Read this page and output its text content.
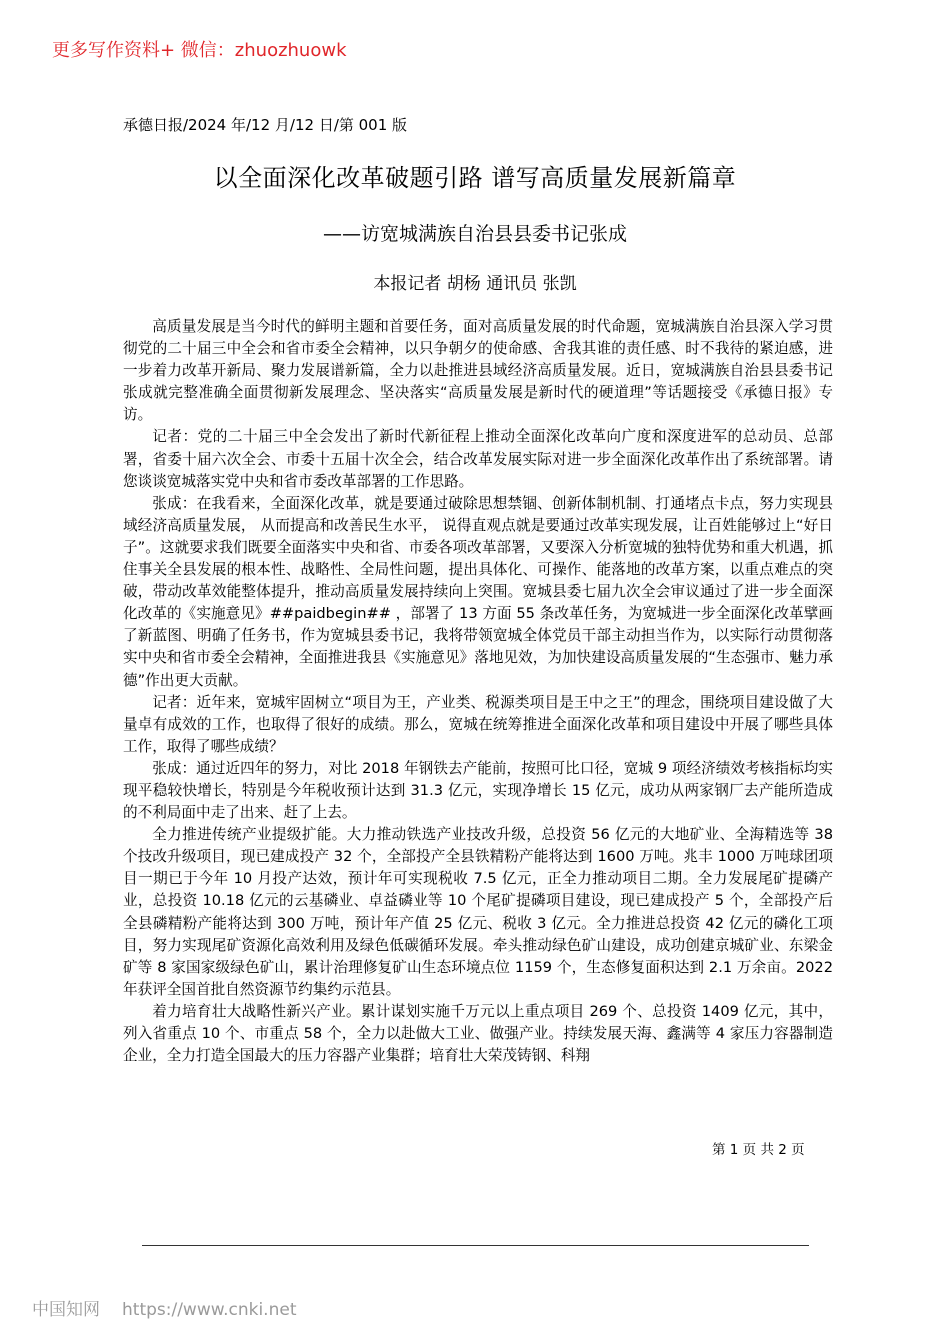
更多写作资料+ 微信：zhuozhuowk
承德日报/2024 年/12 月/12 日/第 001 版
以全面深化改革破题引路 谱写高质量发展新篇章
——访宽城满族自治县县委书记张成
本报记者 胡杨 通讯员 张凯

高质量发展是当今时代的鲜明主题和首要任务，面对高质量发展的时代命题，宽城满族自治县深入学习贯彻党的二十届三中全会和省市委全会精神，以只争朝夕的使命感、舍我其谁的责任感、时不我待的紧迫感，进一步着力改革开新局、聚力发展谱新篇，全力以赴推进县域经济高质量发展。近日，宽城满族自治县县委书记张成就完整准确全面贯彻新发展理念、坚决落实“高质量发展是新时代的硬道理”等话题接受《承德日报》专访。

记者：党的二十届三中全会发出了新时代新征程上推动全面深化改革向广度和深度进军的总动员、总部署，省委十届六次全会、市委十五届十次全会，结合改革发展实际对进一步全面深化改革作出了系统部署。请您谈谈宽城落实党中央和省市委改革部署的工作思路。

张成：在我看来，全面深化改革，就是要通过破除思想禁锢、创新体制机制、打通堵点卡点，努力实现县域经济高质量发展， 从而提高和改善民生水平， 说得直观点就是要通过改革实现发展，让百姓能够过上“好日子”。这就要求我们既要全面落实中央和省、市委各项改革部署，又要深入分析宽城的独特优势和重大机遇，抓住事关全县发展的根本性、战略性、全局性问题，提出具体化、可操作、能落地的改革方案，以重点难点的突破，带动改革效能整体提升，推动高质量发展持续向上突围。宽城县委七届九次全会审议通过了进一步全面深化改革的《实施意见》##paidbegin## ，部署了 13 方面 55 条改革任务，为宽城进一步全面深化改革擘画了新蓝图、明确了任务书，作为宽城县委书记，我将带领宽城全体党员干部主动担当作为，以实际行动贯彻落实中央和省市委全会精神，全面推进我县《实施意见》落地见效，为加快建设高质量发展的“生态强市、魅力承德”作出更大贡献。

记者：近年来，宽城牢固树立“项目为王，产业类、税源类项目是王中之王”的理念，围绕项目建设做了大量卓有成效的工作，也取得了很好的成绩。那么，宽城在统筹推进全面深化改革和项目建设中开展了哪些具体工作，取得了哪些成绩？

张成：通过近四年的努力，对比 2018 年钢铁去产能前，按照可比口径，宽城 9 项经济绩效考核指标均实现平稳较快增长，特别是今年税收预计达到 31.3 亿元，实现净增长 15 亿元，成功从两家钢厂去产能所造成的不利局面中走了出来、赶了上去。

全力推进传统产业提级扩能。大力推动铁选产业技改升级，总投资 56 亿元的大地矿业、全海精选等 38 个技改升级项目，现已建成投产 32 个，全部投产全县铁精粉产能将达到 1600 万吨。兆丰 1000 万吨球团项目一期已于今年 10 月投产达效，预计年可实现税收 7.5 亿元，正全力推动项目二期。全力发展尾矿提磷产业，总投资 10.18 亿元的云基磷业、卓益磷业等 10 个尾矿提磷项目建设，现已建成投产 5 个，全部投产后全县磷精粉产能将达到 300 万吨，预计年产值 25 亿元、税收 3 亿元。全力推进总投资 42 亿元的磷化工项目，努力实现尾矿资源化高效利用及绿色低碳循环发展。牵头推动绿色矿山建设，成功创建京城矿业、东梁金矿等 8 家国家级绿色矿山，累计治理修复矿山生态环境点位 1159 个，生态修复面积达到 2.1 万余亩。2022 年获评全国首批自然资源节约集约示范县。

着力培育壮大战略性新兴产业。累计谋划实施千万元以上重点项目 269 个、总投资 1409 亿元，其中，列入省重点 10 个、市重点 58 个，全力以赴做大工业、做强产业。持续发展天海、鑫满等 4 家压力容器制造企业，全力打造全国最大的压力容器产业集群；培育壮大荣茂铸钢、科翔

第 1 页 共 2 页
中国知网 https://www.cnki.net
